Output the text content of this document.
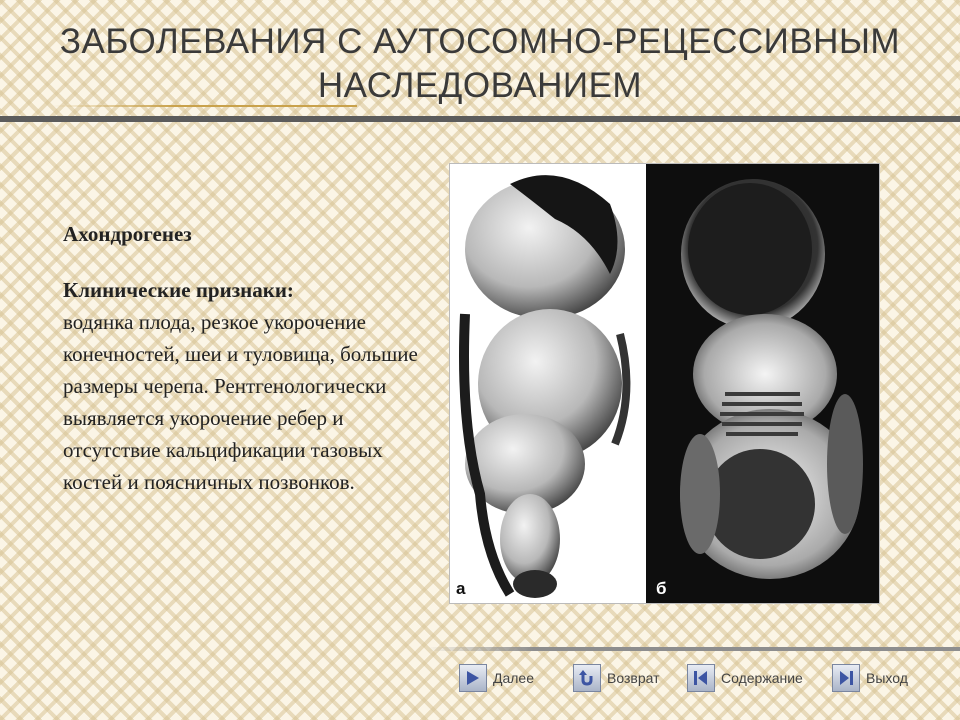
ЗАБОЛЕВАНИЯ С АУТОСОМНО-РЕЦЕССИВНЫМ НАСЛЕДОВАНИЕМ
Ахондрогенез
Клинические признаки:
водянка плода, резкое укорочение конечностей, шеи и туловища, большие размеры черепа. Рентгенологически выявляется укорочение ребер и отсутствие кальцификации тазовых костей и поясничных позвонков.
а	б
Далее	Возврат	Содержание	Выход
